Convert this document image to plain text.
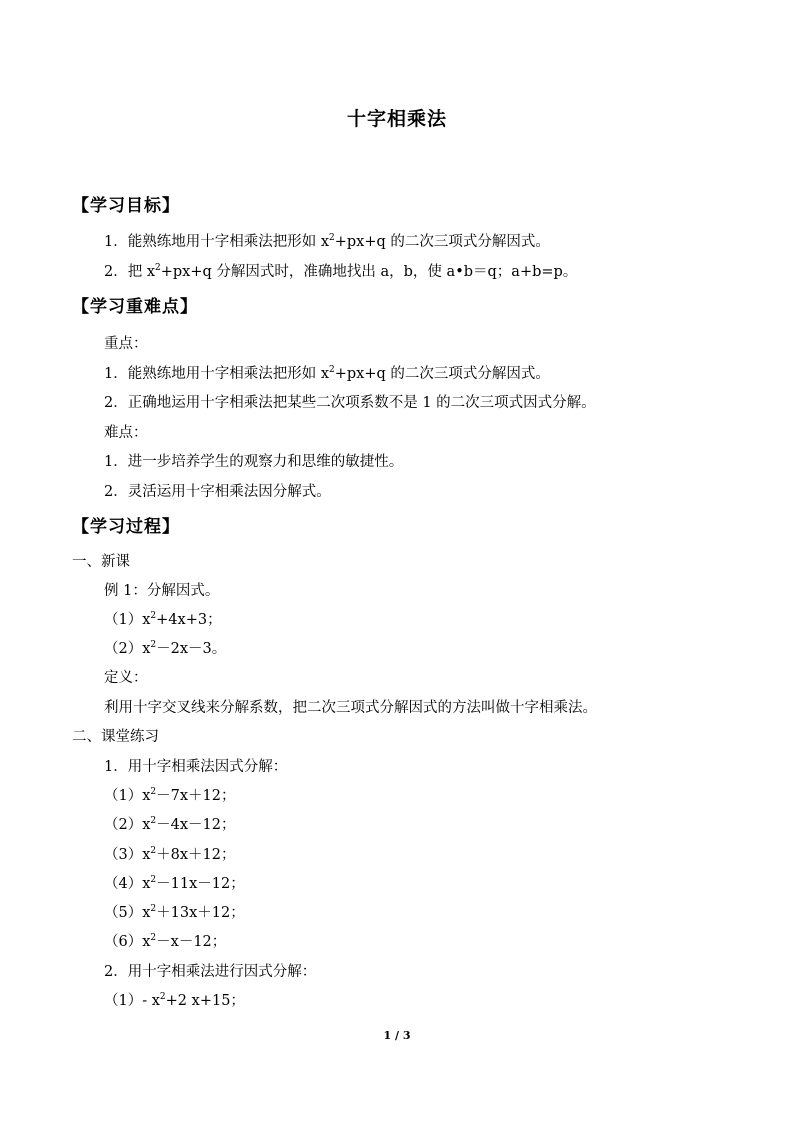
十字相乘法
【学习目标】
1．能熟练地用十字相乘法把形如 $x^2+px+q$ 的二次三项式分解因式。
2．把 $x^2+px+q$ 分解因式时，准确地找出 a，b，使 a•b＝q；a+b=p。
【学习重难点】
重点：
1．能熟练地用十字相乘法把形如 $x^2+px+q$ 的二次三项式分解因式。
2．正确地运用十字相乘法把某些二次项系数不是 1 的二次三项式因式分解。
难点：
1．进一步培养学生的观察力和思维的敏捷性。
2．灵活运用十字相乘法因分解式。
【学习过程】
一、新课
例 1：分解因式。
$(1)x^2+4x+3$；
$(2)x^2-2x-3$。
定义：
利用十字交叉线来分解系数，把二次三项式分解因式的方法叫做十字相乘法。
二、课堂练习
1．用十字相乘法因式分解：
$(1)x^2-7x+12$；
$(2)x^2-4x-12$；
$(3)x^2+8x+12$；
$(4)x^2-11x-12$；
$(5)x^2+13x+12$；
$(6)x^2-x-12$；
2．用十字相乘法进行因式分解：
（1）- $x^2+2$ x+15；
1 / 3
